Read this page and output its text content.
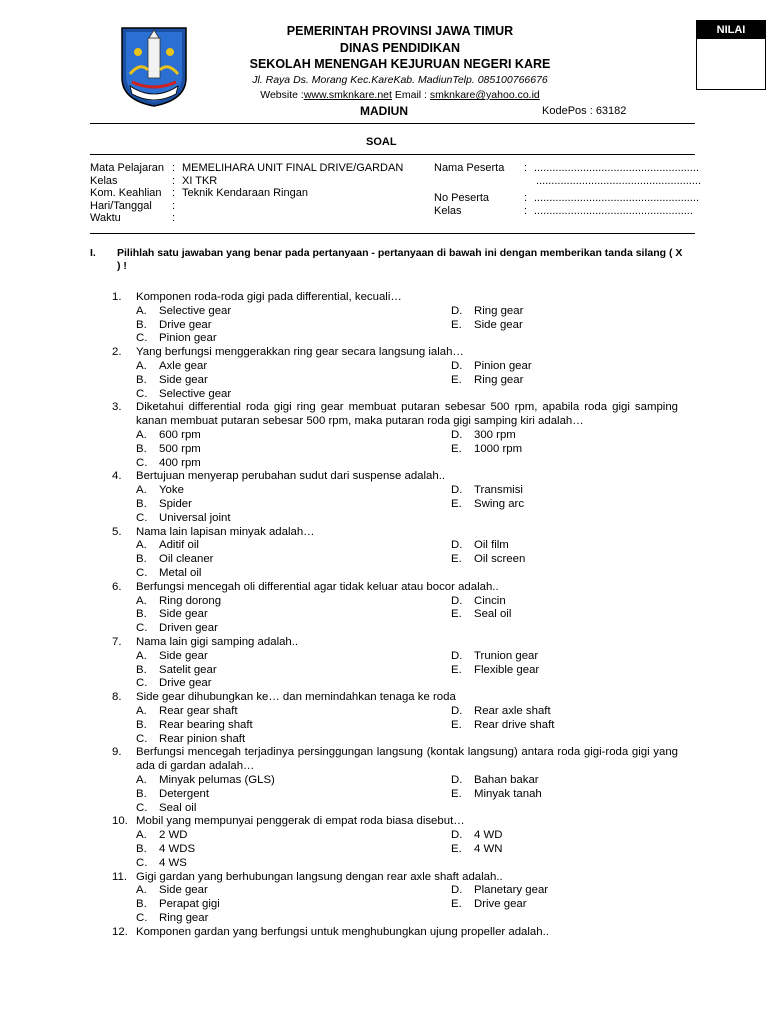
PEMERINTAH PROVINSI JAWA TIMUR
DINAS PENDIDIKAN
SEKOLAH MENENGAH KEJURUAN NEGERI KARE
Jl. Raya Ds. Morang Kec.KareKab. MadiunTelp. 085100766676
Website :www.smknkare.net Email : smknkare@yahoo.co.id
MADIUN	KodePos : 63182
NILAI
SOAL
Mata Pelajaran : MEMELIHARA UNIT FINAL DRIVE/GARDAN
Kelas	: XI TKR
Kom. Keahlian : Teknik Kendaraan Ringan
Hari/Tanggal	:
Waktu	:
Nama Peserta	: ......................................................
......................................................
No Peserta	: ......................................................
Kelas	: ....................................................
I.	Pilihlah satu jawaban yang benar pada pertanyaan - pertanyaan di bawah ini dengan memberikan tanda silang ( X ) !
1.	Komponen roda-roda gigi pada differential, kecuali…
A.	Selective gear
B.	Drive gear
C.	Pinion gear
D.	Ring gear
E.	Side gear
2.	Yang berfungsi menggerakkan ring gear secara langsung ialah…
A.	Axle gear
B.	Side gear
C.	Selective gear
D.	Pinion gear
E.	Ring gear
3.	Diketahui differential roda gigi ring gear membuat putaran sebesar 500 rpm, apabila roda gigi samping kanan membuat putaran sebesar 500 rpm, maka putaran roda gigi samping kiri adalah…
A.	600 rpm
B.	500 rpm
C.	400 rpm
D.	300 rpm
E.	1000 rpm
4.	Bertujuan menyerap perubahan sudut dari suspense adalah..
A.	Yoke
B.	Spider
C.	Universal joint
D.	Transmisi
E.	Swing arc
5.	Nama lain lapisan minyak adalah…
A.	Aditif oil
B.	Oil cleaner
C.	Metal oil
D.	Oil film
E.	Oil screen
6.	Berfungsi mencegah oli differential agar tidak keluar atau bocor adalah..
A.	Ring dorong
B.	Side gear
C.	Driven gear
D.	Cincin
E.	Seal oil
7.	Nama lain gigi samping adalah..
A.	Side gear
B.	Satelit gear
C.	Drive gear
D.	Trunion gear
E.	Flexible gear
8.	Side gear dihubungkan ke… dan memindahkan tenaga ke roda
A.	Rear gear shaft
B.	Rear bearing shaft
C.	Rear pinion shaft
D.	Rear axle shaft
E.	Rear drive shaft
9.	Berfungsi mencegah terjadinya persinggungan langsung (kontak langsung) antara roda gigi-roda gigi yang ada di gardan adalah…
A.	Minyak pelumas (GLS)
B.	Detergent
C.	Seal oil
D.	Bahan bakar
E.	Minyak tanah
10. Mobil yang mempunyai penggerak di empat roda biasa disebut…
A.	2 WD
B.	4 WDS
C.	4 WS
D.	4 WD
E.	4 WN
11. Gigi gardan yang berhubungan langsung dengan rear axle shaft adalah..
A.	Side gear
B.	Perapat gigi
C.	Ring gear
D.	Planetary gear
E.	Drive gear
12. Komponen gardan yang berfungsi untuk menghubungkan ujung propeller adalah..
